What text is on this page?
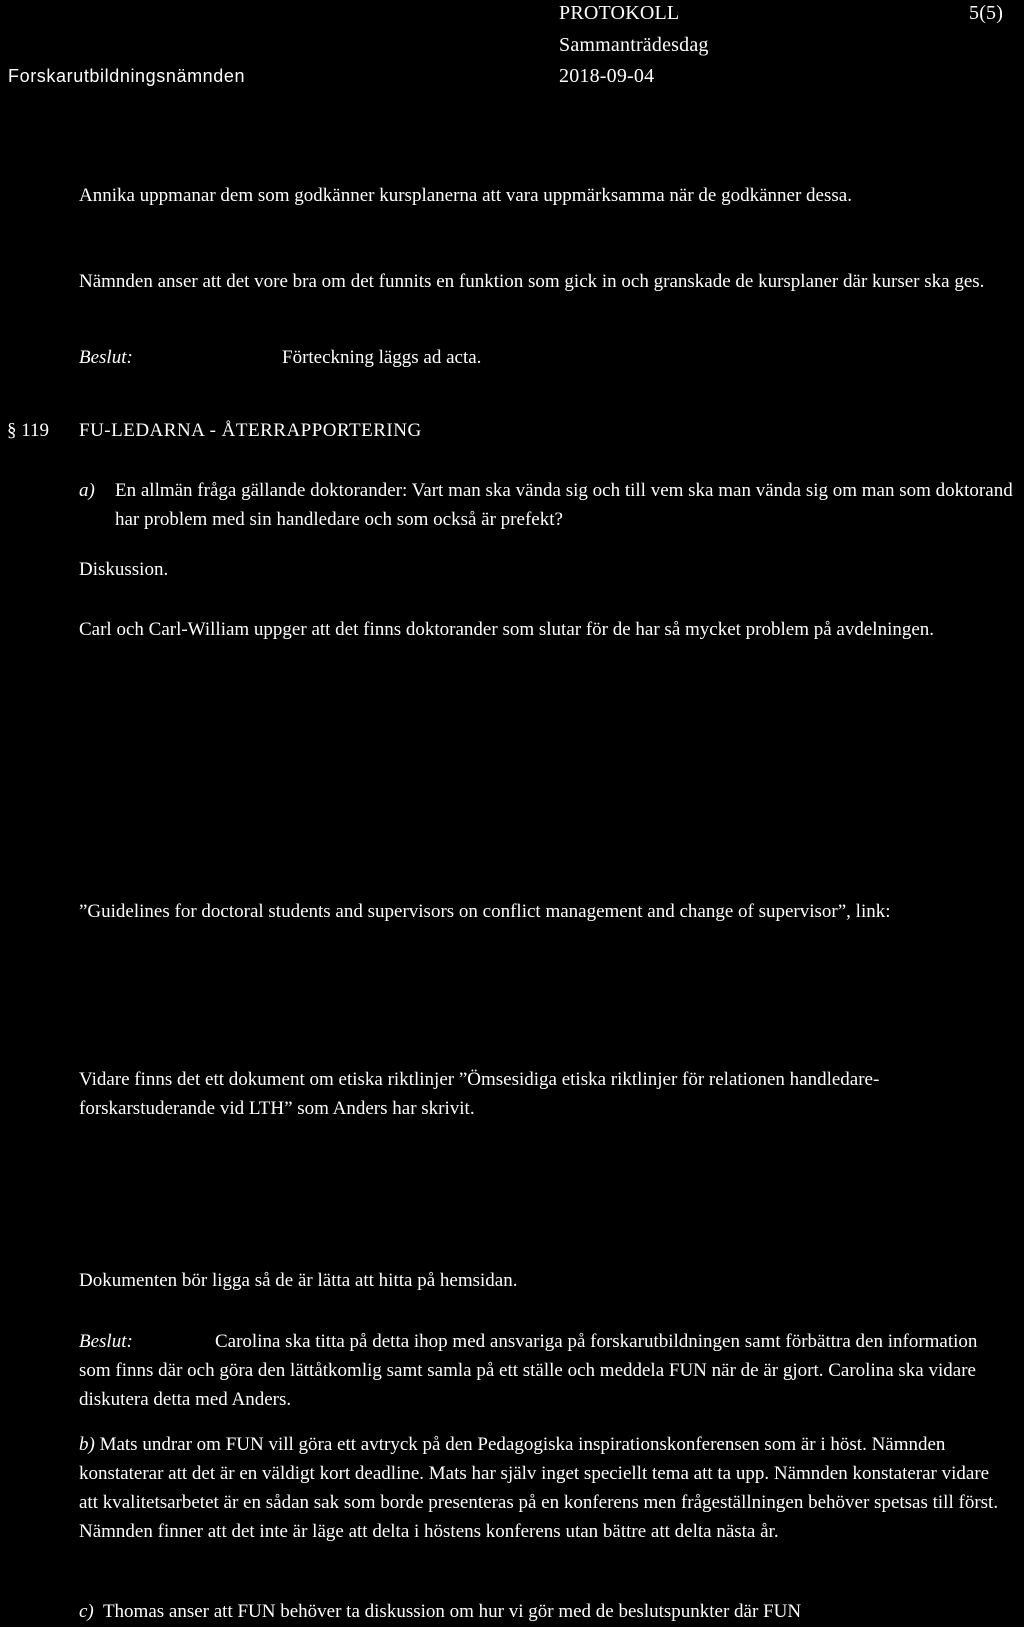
Forskarutbildningsnämnden
PROTOKOLL
Sammanträdesdag
2018-09-04
5(5)

Annika uppmanar dem som godkänner kursplanerna att vara uppmärksamma när de godkänner dessa.

Nämnden anser att det vore bra om det funnits en funktion som gick in och granskade de kursplaner där kurser ska ges.

Beslut:	Förteckning läggs ad acta.
§ 119 FU-LEDARNA - ÅTERRAPPORTERING
a) En allmän fråga gällande doktorander: Vart man ska vända sig och till vem ska man vända sig om man som doktorand har problem med sin handledare och som också är prefekt?

Diskussion.

Carl och Carl-William uppger att det finns doktorander som slutar för de har så mycket problem på avdelningen.

”Guidelines for doctoral students and supervisors on conflict management and change of supervisor”, link:

Vidare finns det ett dokument om etiska riktlinjer ”Ömsesidiga etiska riktlinjer för relationen handledare-forskarstuderande vid LTH” som Anders har skrivit.

Dokumenten bör ligga så de är lätta att hitta på hemsidan.
Beslut:	Carolina ska titta på detta ihop med ansvariga på forskarutbildningen samt förbättra den information som finns där och göra den lättåtkomlig samt samla på ett ställe och meddela FUN när de är gjort. Carolina ska vidare diskutera detta med Anders.

b) Mats undrar om FUN vill göra ett avtryck på den Pedagogiska inspirationskonferensen som är i höst. Nämnden konstaterar att det är en väldigt kort deadline. Mats har själv inget speciellt tema att ta upp. Nämnden konstaterar vidare att kvalitetsarbetet är en sådan sak som borde presenteras på en konferens men frågeställningen behöver spetsas till först. Nämnden finner att det inte är läge att delta i höstens konferens utan bättre att delta nästa år.

c) Thomas anser att FUN behöver ta diskussion om hur vi gör med de beslutspunkter där FUN
